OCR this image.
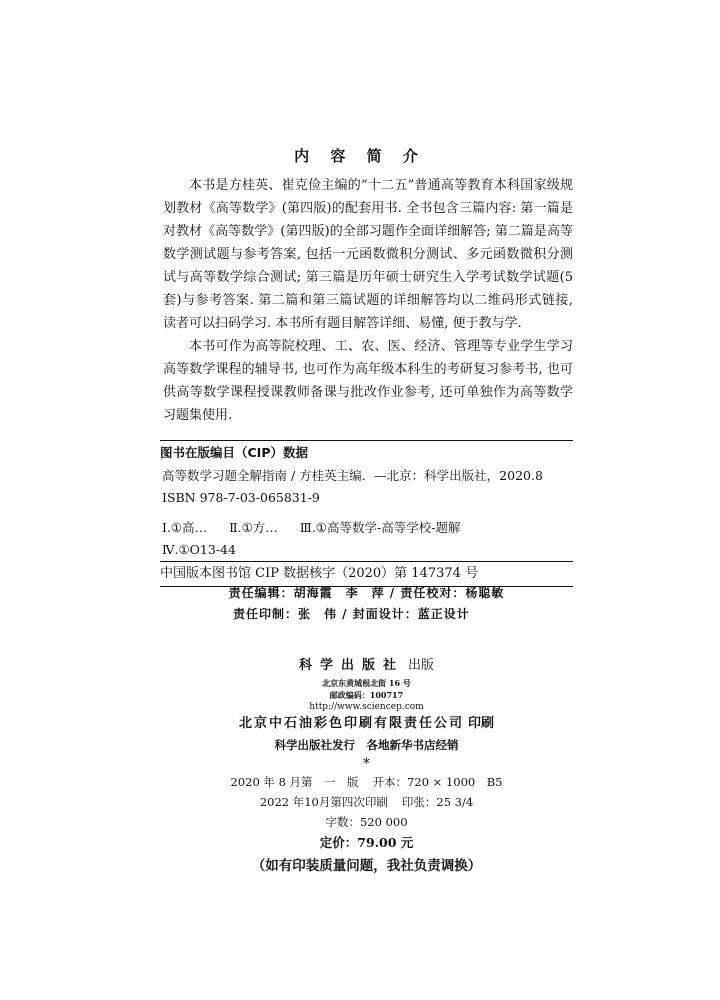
内 容 简 介

本书是方桂英、崔克俭主编的“十二五”普通高等教育本科国家级规划教材《高等数学》(第四版)的配套用书. 全书包含三篇内容: 第一篇是对教材《高等数学》(第四版)的全部习题作全面详细解答; 第二篇是高等数学测试题与参考答案, 包括一元函数微积分测试、多元函数微积分测试与高等数学综合测试; 第三篇是历年硕士研究生入学考试数学试题(5套)与参考答案. 第二篇和第三篇试题的详细解答均以二维码形式链接, 读者可以扫码学习. 本书所有题目解答详细、易懂, 便于教与学.

本书可作为高等院校理、工、农、医、经济、管理等专业学生学习高等数学课程的辅导书, 也可作为高年级本科生的考研复习参考书, 也可供高等数学课程授课教师备课与批改作业参考, 还可单独作为高等数学习题集使用.

图书在版编目（CIP）数据
高等数学习题全解指南 / 方桂英主编．—北京：科学出版社，2020.8
ISBN 978-7-03-065831-9
Ⅰ.①高… Ⅱ.①方… Ⅲ.①高等数学-高等学校-题解
Ⅳ.①O13-44
中国版本图书馆 CIP 数据核字（2020）第 147374 号
责任编辑：胡海霞　李　萍 / 责任校对：杨聪敏
责任印制：张　伟 / 封面设计：蓝正设计
科学出版社 出版
北京东黄城根北街 16 号
邮政编码：100717
http://www.sciencep.com
北京中石油彩色印刷有限责任公司 印刷
科学出版社发行　各地新华书店经销
*
2020 年 8 月第　一　版 开本：720 × 1000　B5
2022 年10月第四次印刷 印张：25 3/4
字数：520 000
定价：79.00 元
（如有印装质量问题，我社负责调换）
